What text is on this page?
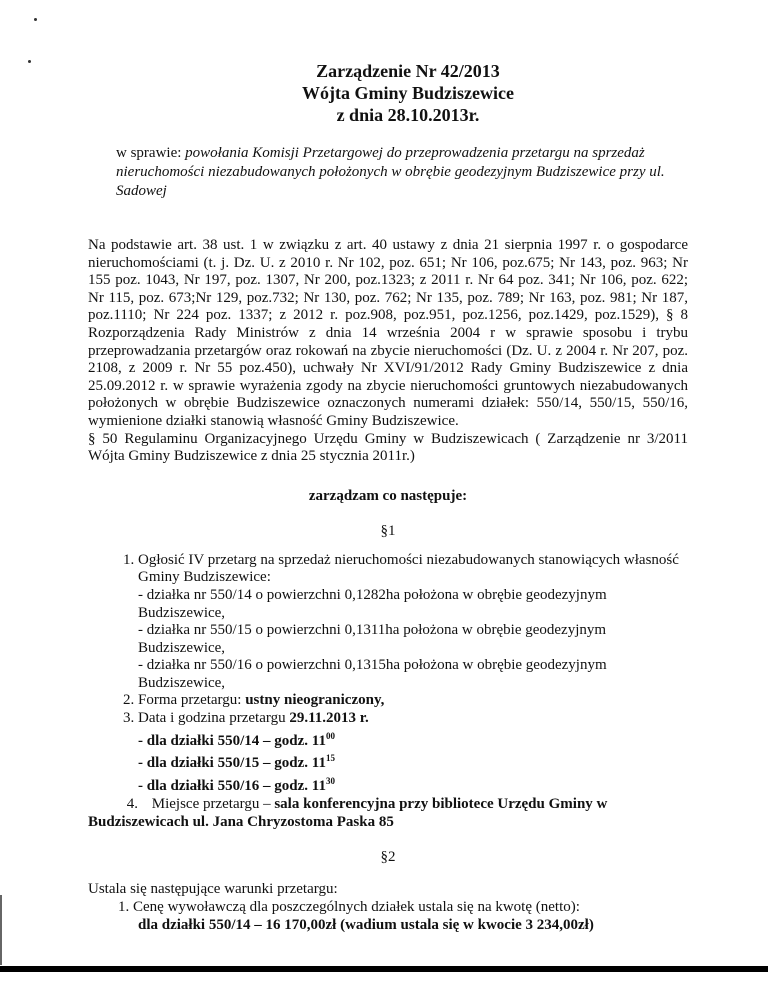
Zarządzenie Nr 42/2013
Wójta Gminy Budziszewice
z dnia 28.10.2013r.
w sprawie: powołania Komisji Przetargowej do przeprowadzenia przetargu na sprzedaż nieruchomości niezabudowanych położonych w obrębie geodezyjnym Budziszewice przy ul. Sadowej

Na podstawie art. 38 ust. 1 w związku z art. 40 ustawy z dnia 21 sierpnia 1997 r. o gospodarce nieruchomościami (t. j. Dz. U. z 2010 r. Nr 102, poz. 651; Nr 106, poz.675; Nr 143, poz. 963; Nr 155 poz. 1043, Nr 197, poz. 1307, Nr 200, poz.1323; z 2011 r. Nr 64 poz. 341; Nr 106, poz. 622; Nr 115, poz. 673;Nr 129, poz.732; Nr 130, poz. 762; Nr 135, poz. 789; Nr 163, poz. 981; Nr 187, poz.1110; Nr 224 poz. 1337; z 2012 r. poz.908, poz.951, poz.1256, poz.1429, poz.1529), § 8 Rozporządzenia Rady Ministrów z dnia 14 września 2004 r w sprawie sposobu i trybu przeprowadzania przetargów oraz rokowań na zbycie nieruchomości (Dz. U. z 2004 r. Nr 207, poz. 2108, z 2009 r. Nr 55 poz.450), uchwały Nr XVI/91/2012 Rady Gminy Budziszewice z dnia 25.09.2012 r. w sprawie wyrażenia zgody na zbycie nieruchomości gruntowych niezabudowanych położonych w obrębie Budziszewice oznaczonych numerami działek: 550/14, 550/15, 550/16, wymienione działki stanowią własność Gminy Budziszewice.

§ 50 Regulaminu Organizacyjnego Urzędu Gminy w Budziszewicach ( Zarządzenie nr 3/2011 Wójta Gminy Budziszewice z dnia 25 stycznia 2011r.)

zarządzam co następuje:
§1
1. Ogłosić IV przetarg na sprzedaż nieruchomości niezabudowanych stanowiących własność Gminy Budziszewice:
- działka nr 550/14 o powierzchni 0,1282ha położona w obrębie geodezyjnym Budziszewice,
- działka nr 550/15 o powierzchni 0,1311ha położona w obrębie geodezyjnym Budziszewice,
- działka nr 550/16 o powierzchni 0,1315ha położona w obrębie geodezyjnym Budziszewice,
2. Forma przetargu: ustny nieograniczony,
3. Data i godzina przetargu 29.11.2013 r.
- dla działki 550/14 – godz. $11^{00}$
- dla działki 550/15 – godz. $11^{15}$
- dla działki 550/16 – godz. $11^{30}$
4. Miejsce przetargu – sala konferencyjna przy bibliotece Urzędu Gminy w Budziszewicach ul. Jana Chryzostoma Paska 85
§2
Ustala się następujące warunki przetargu:
1. Cenę wywoławczą dla poszczególnych działek ustala się na kwotę (netto):
dla działki 550/14 – 16 170,00zł (wadium ustala się w kwocie 3 234,00zł)
